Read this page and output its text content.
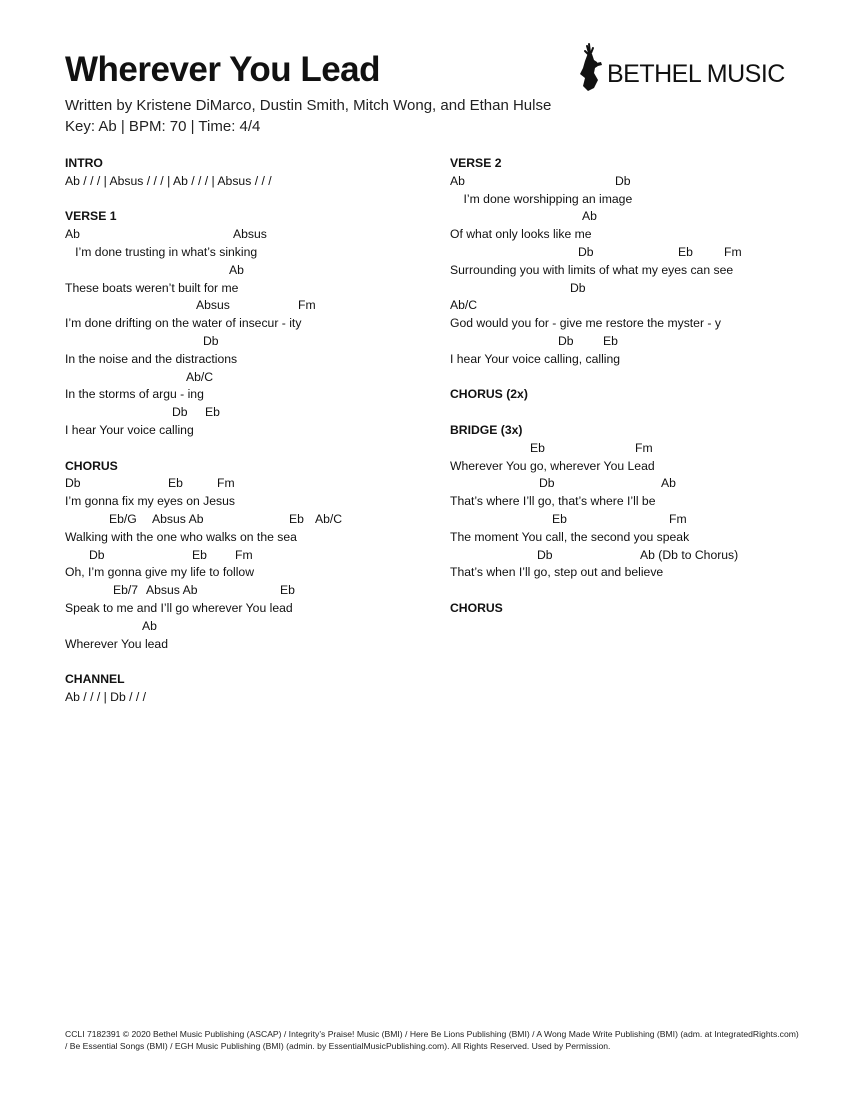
Wherever You Lead
Written by Kristene DiMarco, Dustin Smith, Mitch Wong, and Ethan Hulse
Key: Ab | BPM: 70 | Time: 4/4
BETHEL MUSIC
INTRO
Ab / / / | Absus / / / | Ab / / / | Absus / / /
VERSE 1
Ab	Absus
I’m done trusting in what’s sinking
Ab
These boats weren’t built for me
Absus	Fm
I’m done drifting on the water of insecur - ity
Db
In the noise and the distractions
Ab/C
In the storms of argu - ing
Db Eb
I hear Your voice calling
CHORUS
Db	Eb	Fm
I’m gonna fix my eyes on Jesus
Eb/G Absus Ab	Eb Ab/C
Walking with the one who walks on the sea
Db	Eb Fm
Oh, I’m gonna give my life to follow
Eb/7 Absus Ab	Eb
Speak to me and I’ll go wherever You lead
Ab
Wherever You lead
CHANNEL
Ab / / / | Db / / /
VERSE 2
Ab	Db
I’m done worshipping an image
Ab
Of what only looks like me
Db	Eb	Fm
Surrounding you with limits of what my eyes can see
Db
Ab/C
God would you for - give me restore the myster - y
Db Eb
I hear Your voice calling, calling
CHORUS (2x)
BRIDGE (3x)
Eb	Fm
Wherever You go, wherever You Lead
Db	Ab
That’s where I’ll go, that’s where I’ll be
Eb	Fm
The moment You call, the second you speak
Db	Ab (Db to Chorus)
That’s when I’ll go, step out and believe
CHORUS
CCLI 7182391 © 2020 Bethel Music Publishing (ASCAP) / Integrity’s Praise! Music (BMI) / Here Be Lions Publishing (BMI) / A Wong Made Write Publishing (BMI) (adm. at IntegratedRights.com) / Be Essential Songs (BMI) / EGH Music Publishing (BMI) (admin. by EssentialMusicPublishing.com). All Rights Reserved. Used by Permission.
